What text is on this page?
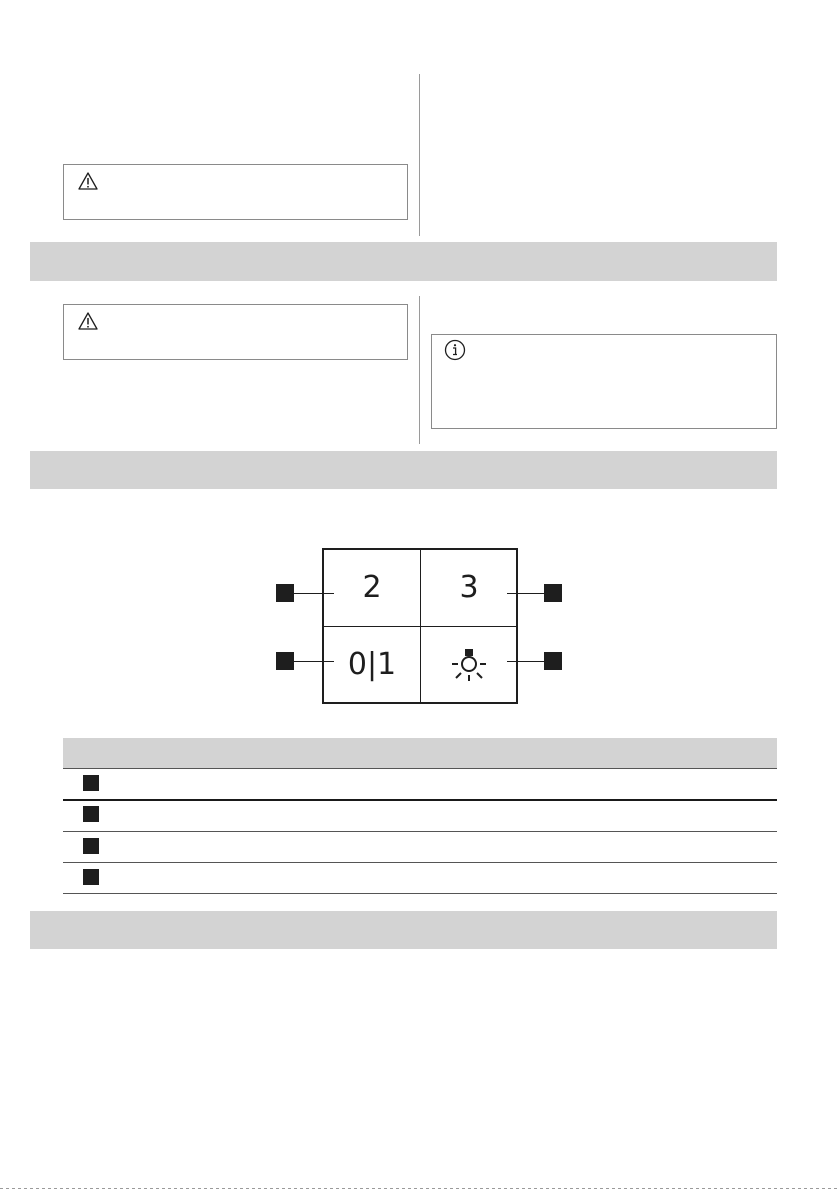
2	3
0|1
